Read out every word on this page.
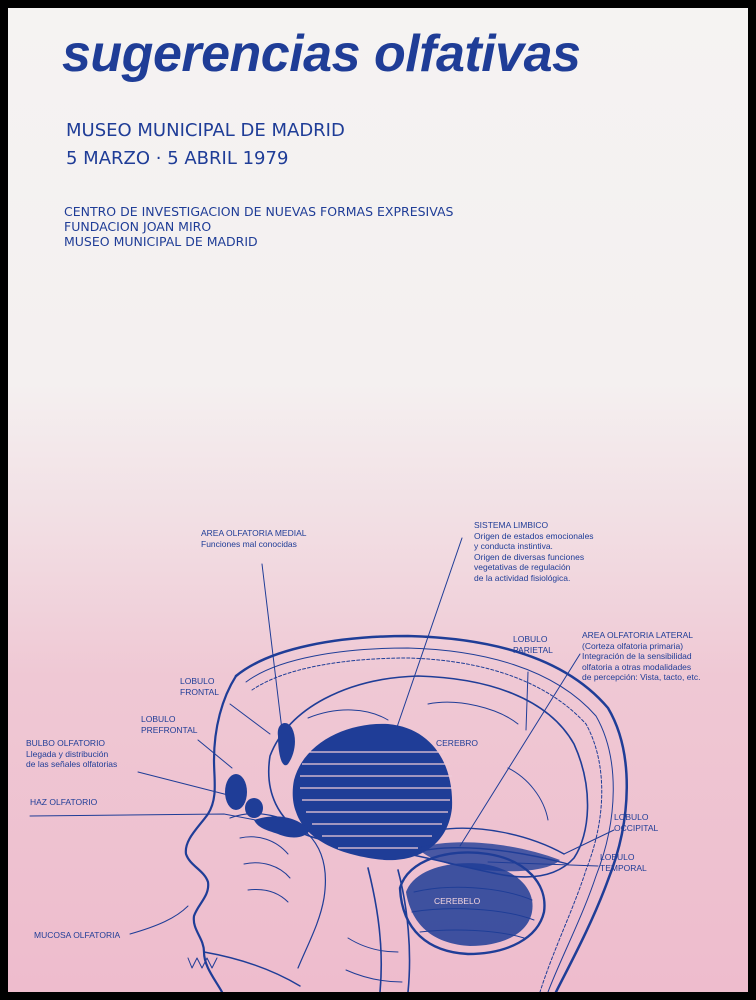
sugerencias olfativas

MUSEO MUNICIPAL DE MADRID

5 MARZO · 5 ABRIL 1979

CENTRO DE INVESTIGACION DE NUEVAS FORMAS EXPRESIVAS
FUNDACION JOAN MIRO
MUSEO MUNICIPAL DE MADRID
AREA OLFATORIA MEDIAL
Funciones mal conocidas
SISTEMA LIMBICO
Origen de estados emocionales
y conducta instintiva.
Origen de diversas funciones
vegetativas de regulación
de la actividad fisiológica.
LOBULO
PARIETAL
AREA OLFATORIA LATERAL
(Corteza olfatoria primaria)
Integración de la sensibilidad
olfatoria a otras modalidades
de percepción: Vista, tacto, etc.
LOBULO
FRONTAL
LOBULO
PREFRONTAL
CEREBRO
BULBO OLFATORIO
Llegada y distribución
de las señales olfatorias
HAZ OLFATORIO
LOBULO
OCCIPITAL
LOBULO
TEMPORAL
CEREBELO
MUCOSA OLFATORIA
